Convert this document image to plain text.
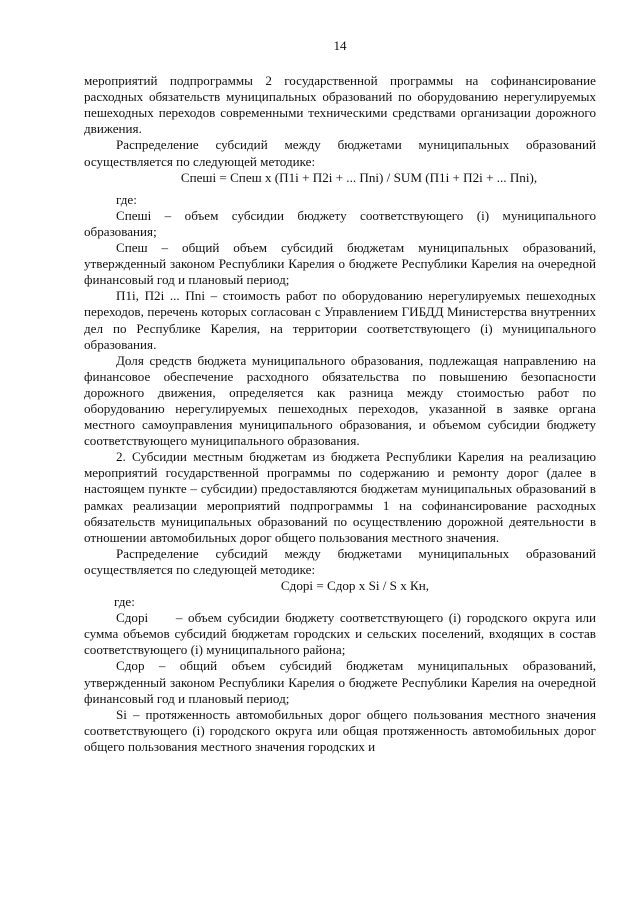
14

мероприятий подпрограммы 2 государственной программы на софинансирование расходных обязательств муниципальных образований по оборудованию нерегулируемых пешеходных переходов современными техническими средствами организации дорожного движения.

Распределение субсидий между бюджетами муниципальных образований осуществляется по следующей методике:

Спеші = Спеш х (П1і + П2і + ... Пnі) / SUM (П1і + П2і + ... Пnі),

где:

Спеші – объем субсидии бюджету соответствующего (і) муниципального образования;

Спеш – общий объем субсидий бюджетам муниципальных образований, утвержденный законом Республики Карелия о бюджете Республики Карелия на очередной финансовый год и плановый период;

П1і, П2і ... Пnі – стоимость работ по оборудованию нерегулируемых пешеходных переходов, перечень которых согласован с Управлением ГИБДД Министерства внутренних дел по Республике Карелия, на территории соответствующего (і) муниципального образования.

Доля средств бюджета муниципального образования, подлежащая направлению на финансовое обеспечение расходного обязательства по повышению безопасности дорожного движения, определяется как разница между стоимостью работ по оборудованию нерегулируемых пешеходных переходов, указанной в заявке органа местного самоуправления муниципального образования, и объемом субсидии бюджету соответствующего муниципального образования.

2. Субсидии местным бюджетам из бюджета Республики Карелия на реализацию мероприятий государственной программы по содержанию и ремонту дорог (далее в настоящем пункте – субсидии) предоставляются бюджетам муниципальных образований в рамках реализации мероприятий подпрограммы 1 на софинансирование расходных обязательств муниципальных образований по осуществлению дорожной деятельности в отношении автомобильных дорог общего пользования местного значения.

Распределение субсидий между бюджетами муниципальных образований осуществляется по следующей методике:

Сдорі = Сдор х Si / S х Кн,

где:

Сдорі     – объем субсидии бюджету соответствующего (і) городского округа или сумма объемов субсидий бюджетам городских и сельских поселений, входящих в состав соответствующего (і) муниципального района;

Сдор – общий объем субсидий бюджетам муниципальных образований, утвержденный законом Республики Карелия о бюджете Республики Карелия на очередной финансовый год и плановый период;

Si – протяженность автомобильных дорог общего пользования местного значения соответствующего (і) городского округа или общая протяженность автомобильных дорог общего пользования местного значения городских и
